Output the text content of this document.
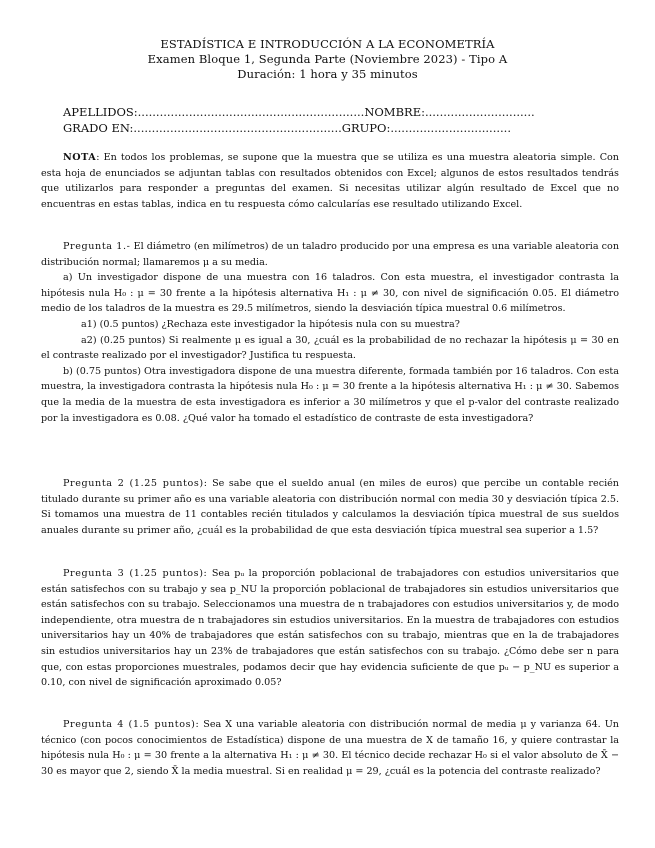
ESTADÍSTICA E INTRODUCCIÓN A LA ECONOMETRÍA
Examen Bloque 1, Segunda Parte (Noviembre 2023) - Tipo A
Duración: 1 hora y 35 minutos
APELLIDOS:..............................................................NOMBRE:..............................
GRADO EN:.........................................................GRUPO:.................................

NOTA: En todos los problemas, se supone que la muestra que se utiliza es una muestra aleatoria simple. Con esta hoja de enunciados se adjuntan tablas con resultados obtenidos con Excel; algunos de estos resultados tendrás que utilizarlos para responder a preguntas del examen. Si necesitas utilizar algún resultado de Excel que no encuentras en estas tablas, indica en tu respuesta cómo calcularías ese resultado utilizando Excel.

Pregunta 1.- El diámetro (en milímetros) de un taladro producido por una empresa es una variable aleatoria con distribución normal; llamaremos μ a su media.

a) Un investigador dispone de una muestra con 16 taladros. Con esta muestra, el investigador contrasta la hipótesis nula H₀ : μ = 30 frente a la hipótesis alternativa H₁ : μ ≠ 30, con nivel de significación 0.05. El diámetro medio de los taladros de la muestra es 29.5 milímetros, siendo la desviación típica muestral 0.6 milímetros.

a1) (0.5 puntos) ¿Rechaza este investigador la hipótesis nula con su muestra?

a2) (0.25 puntos) Si realmente μ es igual a 30, ¿cuál es la probabilidad de no rechazar la hipótesis μ = 30 en el contraste realizado por el investigador? Justifica tu respuesta.

b) (0.75 puntos) Otra investigadora dispone de una muestra diferente, formada también por 16 taladros. Con esta muestra, la investigadora contrasta la hipótesis nula H₀ : μ = 30 frente a la hipótesis alternativa H₁ : μ ≠ 30. Sabemos que la media de la muestra de esta investigadora es inferior a 30 milímetros y que el p-valor del contraste realizado por la investigadora es 0.08. ¿Qué valor ha tomado el estadístico de contraste de esta investigadora?

Pregunta 2 (1.25 puntos): Se sabe que el sueldo anual (en miles de euros) que percibe un contable recién titulado durante su primer año es una variable aleatoria con distribución normal con media 30 y desviación típica 2.5. Si tomamos una muestra de 11 contables recién titulados y calculamos la desviación típica muestral de sus sueldos anuales durante su primer año, ¿cuál es la probabilidad de que esta desviación típica muestral sea superior a 1.5?

Pregunta 3 (1.25 puntos): Sea pᵤ la proporción poblacional de trabajadores con estudios universitarios que están satisfechos con su trabajo y sea p_NU la proporción poblacional de trabajadores sin estudios universitarios que están satisfechos con su trabajo. Seleccionamos una muestra de n trabajadores con estudios universitarios y, de modo independiente, otra muestra de n trabajadores sin estudios universitarios. En la muestra de trabajadores con estudios universitarios hay un 40% de trabajadores que están satisfechos con su trabajo, mientras que en la de trabajadores sin estudios universitarios hay un 23% de trabajadores que están satisfechos con su trabajo. ¿Cómo debe ser n para que, con estas proporciones muestrales, podamos decir que hay evidencia suficiente de que pᵤ − p_NU es superior a 0.10, con nivel de significación aproximado 0.05?

Pregunta 4 (1.5 puntos): Sea X una variable aleatoria con distribución normal de media μ y varianza 64. Un técnico (con pocos conocimientos de Estadística) dispone de una muestra de X de tamaño 16, y quiere contrastar la hipótesis nula H₀ : μ = 30 frente a la alternativa H₁ : μ ≠ 30. El técnico decide rechazar H₀ si el valor absoluto de X̄ − 30 es mayor que 2, siendo X̄ la media muestral. Si en realidad μ = 29, ¿cuál es la potencia del contraste realizado?
